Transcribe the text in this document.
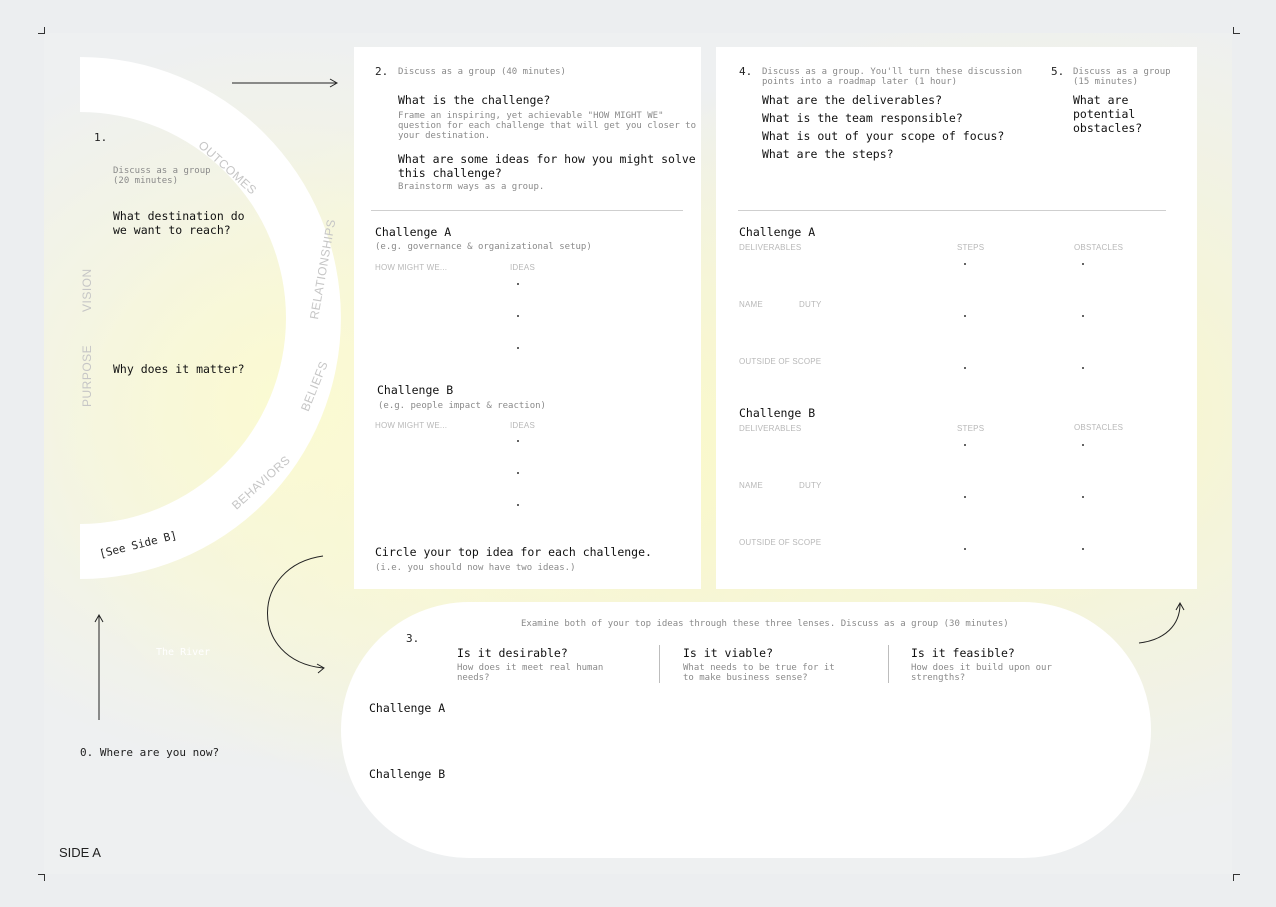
OUTCOMES
RELATIONSHIPS
BELIEFS
BEHAVIORS
[See Side B]
VISION
PURPOSE
1.
Discuss as a group
(20 minutes)
What destination do
we want to reach?
Why does it matter?
0. Where are you now?
The River
SIDE A
2. Discuss as a group (40 minutes)
What is the challenge?
Frame an inspiring, yet achievable "HOW MIGHT WE"
question for each challenge that will get you closer to
your destination.
What are some ideas for how you might solve
this challenge?
Brainstorm ways as a group.
Challenge A
(e.g. governance & organizational setup)
HOW MIGHT WE...	IDEAS
Challenge B
(e.g. people impact & reaction)
HOW MIGHT WE...	IDEAS
Circle your top idea for each challenge.
(i.e. you should now have two ideas.)
4. Discuss as a group. You'll turn these discussion
points into a roadmap later (1 hour)
What are the deliverables?
What is the team responsible?
What is out of your scope of focus?
What are the steps?
5. Discuss as a group
(15 minutes)
What are
potential
obstacles?
Challenge A
DELIVERABLES	STEPS	OBSTACLES
NAME	DUTY
OUTSIDE OF SCOPE
Challenge B
DELIVERABLES	STEPS	OBSTACLES
NAME	DUTY
OUTSIDE OF SCOPE
Examine both of your top ideas through these three lenses. Discuss as a group (30 minutes)
3.
Is it desirable?
How does it meet real human
needs?
Is it viable?
What needs to be true for it
to make business sense?
Is it feasible?
How does it build upon our
strengths?
Challenge A
Challenge B
